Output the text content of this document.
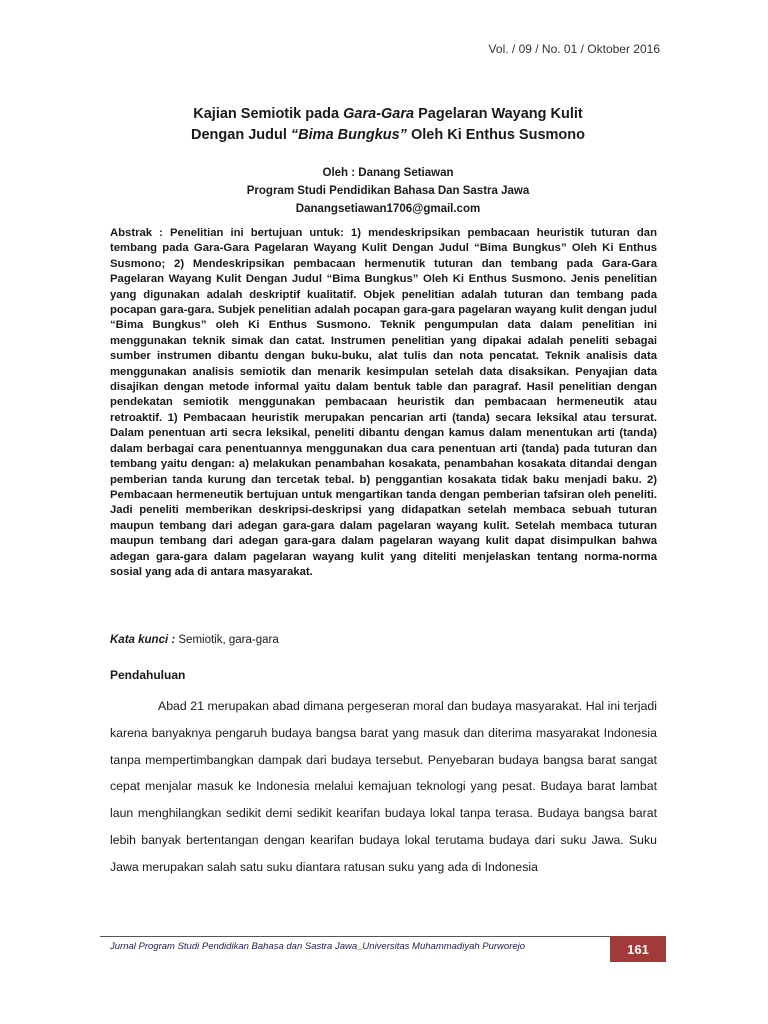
Vol. / 09 / No. 01 / Oktober 2016
Kajian Semiotik pada Gara-Gara Pagelaran Wayang Kulit
Dengan Judul “Bima Bungkus” Oleh Ki Enthus Susmono
Oleh : Danang Setiawan
Program Studi Pendidikan Bahasa Dan Sastra Jawa
Danangsetiawan1706@gmail.com

Abstrak : Penelitian ini bertujuan untuk: 1) mendeskripsikan pembacaan heuristik tuturan dan tembang pada Gara-Gara Pagelaran Wayang Kulit Dengan Judul “Bima Bungkus” Oleh Ki Enthus Susmono; 2) Mendeskripsikan pembacaan hermenutik tuturan dan tembang pada Gara-Gara Pagelaran Wayang Kulit Dengan Judul “Bima Bungkus” Oleh Ki Enthus Susmono. Jenis penelitian yang digunakan adalah deskriptif kualitatif. Objek penelitian adalah tuturan dan tembang pada pocapan gara-gara. Subjek penelitian adalah pocapan gara-gara pagelaran wayang kulit dengan judul “Bima Bungkus” oleh Ki Enthus Susmono. Teknik pengumpulan data dalam penelitian ini menggunakan teknik simak dan catat. Instrumen penelitian yang dipakai adalah peneliti sebagai sumber instrumen dibantu dengan buku-buku, alat tulis dan nota pencatat. Teknik analisis data menggunakan analisis semiotik dan menarik kesimpulan setelah data disaksikan. Penyajian data disajikan dengan metode informal yaitu dalam bentuk table dan paragraf. Hasil penelitian dengan pendekatan semiotik menggunakan pembacaan heuristik dan pembacaan hermeneutik atau retroaktif. 1) Pembacaan heuristik merupakan pencarian arti (tanda) secara leksikal atau tersurat. Dalam penentuan arti secra leksikal, peneliti dibantu dengan kamus dalam menentukan arti (tanda) dalam berbagai cara penentuannya menggunakan dua cara penentuan arti (tanda) pada tuturan dan tembang yaitu dengan: a) melakukan penambahan kosakata, penambahan kosakata ditandai dengan pemberian tanda kurung dan tercetak tebal. b) penggantian kosakata tidak baku menjadi baku. 2) Pembacaan hermeneutik bertujuan untuk mengartikan tanda dengan pemberian tafsiran oleh peneliti. Jadi peneliti memberikan deskripsi-deskripsi yang didapatkan setelah membaca sebuah tuturan maupun tembang dari adegan gara-gara dalam pagelaran wayang kulit. Setelah membaca tuturan maupun tembang dari adegan gara-gara dalam pagelaran wayang kulit dapat disimpulkan bahwa adegan gara-gara dalam pagelaran wayang kulit yang diteliti menjelaskan tentang norma-norma sosial yang ada di antara masyarakat.

Kata kunci : Semiotik, gara-gara

Pendahuluan

Abad 21 merupakan abad dimana pergeseran moral dan budaya masyarakat. Hal ini terjadi karena banyaknya pengaruh budaya bangsa barat yang masuk dan diterima masyarakat Indonesia tanpa mempertimbangkan dampak dari budaya tersebut. Penyebaran budaya bangsa barat sangat cepat menjalar masuk ke Indonesia melalui kemajuan teknologi yang pesat. Budaya barat lambat laun menghilangkan sedikit demi sedikit kearifan budaya lokal tanpa terasa. Budaya bangsa barat lebih banyak bertentangan dengan kearifan budaya lokal terutama budaya dari suku Jawa. Suku Jawa merupakan salah satu suku diantara ratusan suku yang ada di Indonesia

Jurnal Program Studi Pendidikan Bahasa dan Sastra Jawa_Universitas Muhammadiyah Purworejo	161
